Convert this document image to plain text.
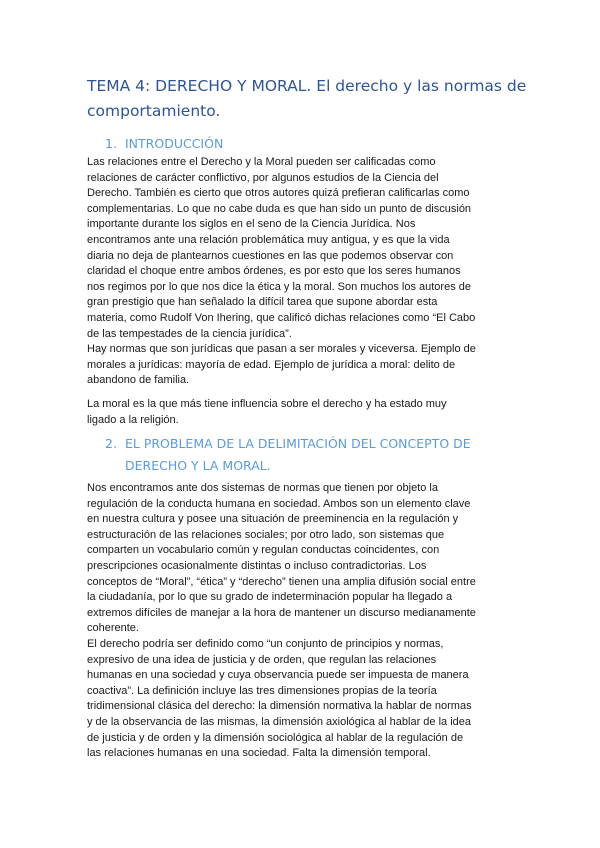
TEMA 4: DERECHO Y MORAL. El derecho y las normas de
comportamiento.
1. INTRODUCCIÓN
Las relaciones entre el Derecho y la Moral pueden ser calificadas como
relaciones de carácter conflictivo, por algunos estudios de la Ciencia del
Derecho. También es cierto que otros autores quizá prefieran calificarlas como
complementarias. Lo que no cabe duda es que han sido un punto de discusión
importante durante los siglos en el seno de la Ciencia Jurídica. Nos
encontramos ante una relación problemática muy antigua, y es que la vida
diaria no deja de plantearnos cuestiones en las que podemos observar con
claridad el choque entre ambos órdenes, es por esto que los seres humanos
nos regimos por lo que nos dice la ética y la moral. Son muchos los autores de
gran prestigio que han señalado la difícil tarea que supone abordar esta
materia, como Rudolf Von Ihering, que calificó dichas relaciones como “El Cabo
de las tempestades de la ciencia jurídica”.
Hay normas que son jurídicas que pasan a ser morales y viceversa. Ejemplo de
morales a jurídicas: mayoría de edad. Ejemplo de jurídica a moral: delito de
abandono de familia.
La moral es la que más tiene influencia sobre el derecho y ha estado muy
ligado a la religión.
2. EL PROBLEMA DE LA DELIMITACIÓN DEL CONCEPTO DE
DERECHO Y LA MORAL.
Nos encontramos ante dos sistemas de normas que tienen por objeto la
regulación de la conducta humana en sociedad. Ambos son un elemento clave
en nuestra cultura y posee una situación de preeminencia en la regulación y
estructuración de las relaciones sociales; por otro lado, son sistemas que
comparten un vocabulario común y regulan conductas coincidentes, con
prescripciones ocasionalmente distintas o incluso contradictorias. Los
conceptos de “Moral”, “ética” y “derecho” tienen una amplia difusión social entre
la ciudadanía, por lo que su grado de indeterminación popular ha llegado a
extremos difíciles de manejar a la hora de mantener un discurso medianamente
coherente.
El derecho podría ser definido como “un conjunto de principios y normas,
expresivo de una idea de justicia y de orden, que regulan las relaciones
humanas en una sociedad y cuya observancia puede ser impuesta de manera
coactiva”. La definición incluye las tres dimensiones propias de la teoría
tridimensional clásica del derecho: la dimensión normativa la hablar de normas
y de la observancia de las mismas, la dimensión axiológica al hablar de la idea
de justicia y de orden y la dimensión sociológica al hablar de la regulación de
las relaciones humanas en una sociedad. Falta la dimensión temporal.
